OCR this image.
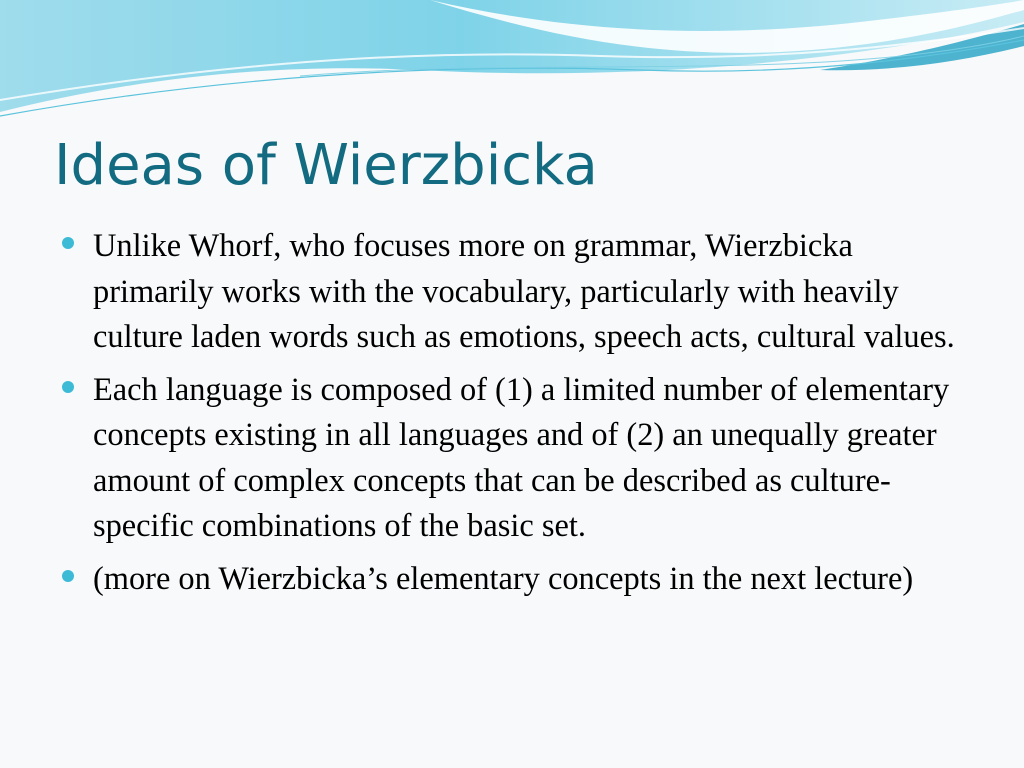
Ideas of Wierzbicka
Unlike Whorf, who focuses more on grammar, Wierzbicka primarily works with the vocabulary, particularly with heavily culture laden words such as emotions, speech acts, cultural values.
Each language is composed of (1) a limited number of elementary concepts existing in all languages and of (2) an unequally greater amount of complex concepts that can be described as culture-specific combinations of the basic set.
(more on Wierzbicka’s elementary concepts in the next lecture)
